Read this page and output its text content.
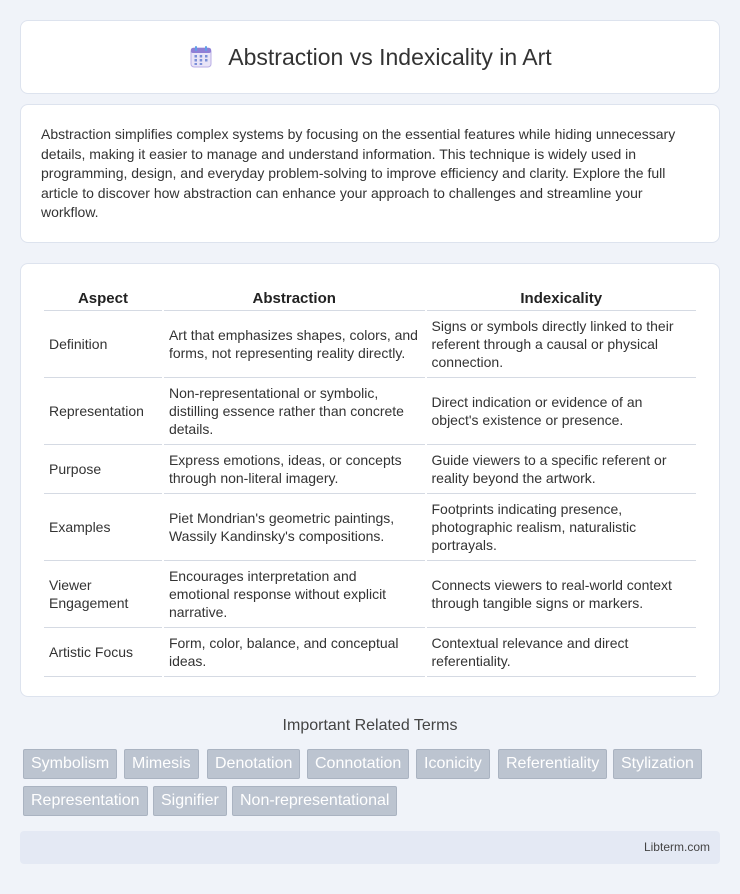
Abstraction vs Indexicality in Art

Abstraction simplifies complex systems by focusing on the essential features while hiding unnecessary details, making it easier to manage and understand information. This technique is widely used in programming, design, and everyday problem-solving to improve efficiency and clarity. Explore the full article to discover how abstraction can enhance your approach to challenges and streamline your workflow.

Aspect	Abstraction	Indexicality
Definition	Art that emphasizes shapes, colors, and forms, not representing reality directly.	Signs or symbols directly linked to their referent through a causal or physical connection.
Representation	Non-representational or symbolic, distilling essence rather than concrete details.	Direct indication or evidence of an object's existence or presence.
Purpose	Express emotions, ideas, or concepts through non-literal imagery.	Guide viewers to a specific referent or reality beyond the artwork.
Examples	Piet Mondrian's geometric paintings, Wassily Kandinsky's compositions.	Footprints indicating presence, photographic realism, naturalistic portrayals.
Viewer Engagement	Encourages interpretation and emotional response without explicit narrative.	Connects viewers to real-world context through tangible signs or markers.
Artistic Focus	Form, color, balance, and conceptual ideas.	Contextual relevance and direct referentiality.
Important Related Terms
Symbolism	Mimesis	Denotation	Connotation	Iconicity	Referentiality	Stylization
Representation	Signifier	Non-representational
Libterm.com
